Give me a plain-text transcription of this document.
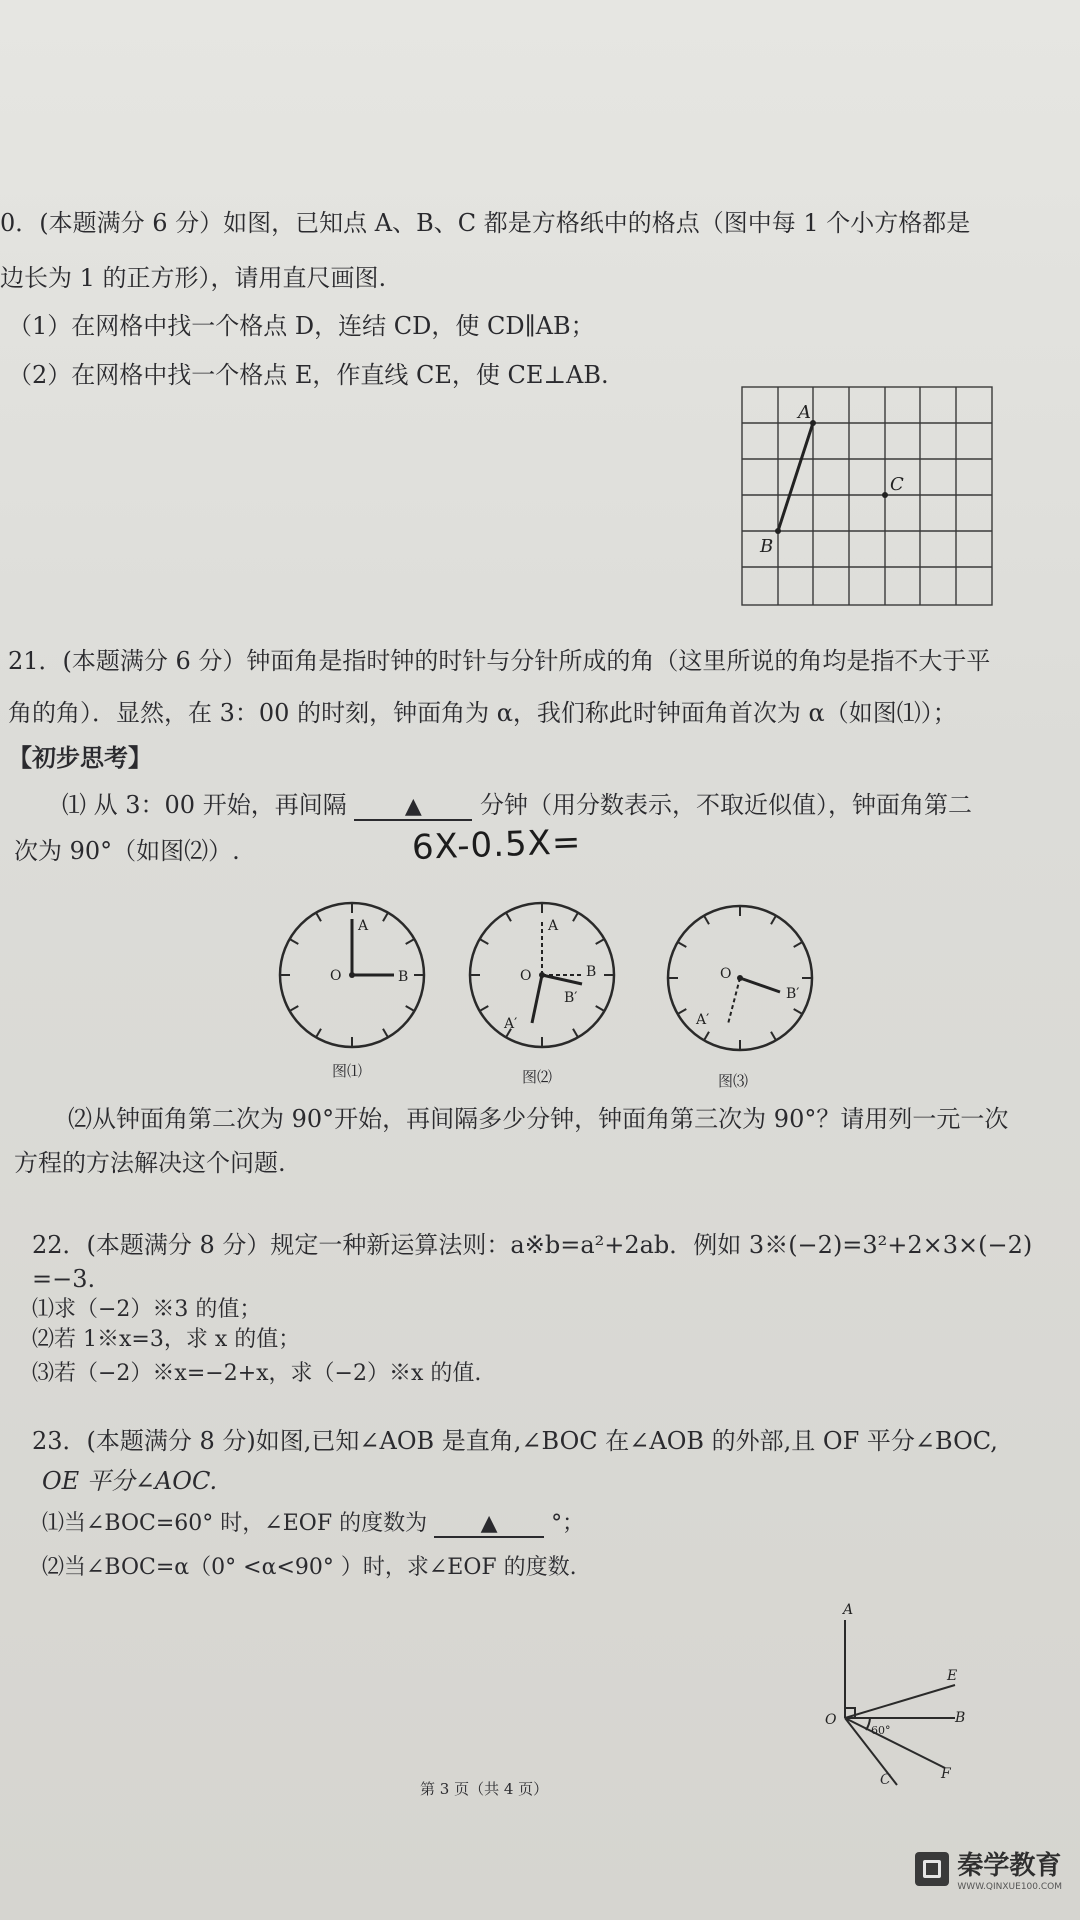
0．(本题满分 6 分）如图，已知点 A、B、C 都是方格纸中的格点（图中每 1 个小方格都是
边长为 1 的正方形），请用直尺画图.
（1）在网格中找一个格点 D，连结 CD，使 CD∥AB；
（2）在网格中找一个格点 E，作直线 CE，使 CE⊥AB.
A
B
C
21．(本题满分 6 分）钟面角是指时钟的时针与分针所成的角（这里所说的角均是指不大于平
角的角）．显然，在 3：00 的时刻，钟面角为 α，我们称此时钟面角首次为 α（如图⑴）；
【初步思考】
⑴ 从 3：00 开始，再间隔	▲ 分钟（用分数表示，不取近似值），钟面角第二
次为 90°（如图⑵）.	6X-0.5X=
O
A
B	O
A
B
B′
A′
O
B′
A′
图⑴	图⑵	图⑶
⑵从钟面角第二次为 90°开始，再间隔多少分钟，钟面角第三次为 90°？请用列一元一次
方程的方法解决这个问题.
22．(本题满分 8 分）规定一种新运算法则：a※b=a²+2ab．例如 3※(−2)=3²+2×3×(−2)
=−3.
⑴求（−2）※3 的值；
⑵若 1※x=3，求 x 的值；
⑶若（−2）※x=−2+x，求（−2）※x 的值.
23．(本题满分 8 分)如图,已知∠AOB 是直角,∠BOC 在∠AOB 的外部,且 OF 平分∠BOC,
OE 平分∠AOC.
⑴当∠BOC=60° 时，∠EOF 的度数为 ▲ °；
⑵当∠BOC=α（0° <α<90° ）时，求∠EOF 的度数.
A
O
E
B
F
60°
C
第 3 页（共 4 页）
秦学教育
WWW.QINXUE100.COM
